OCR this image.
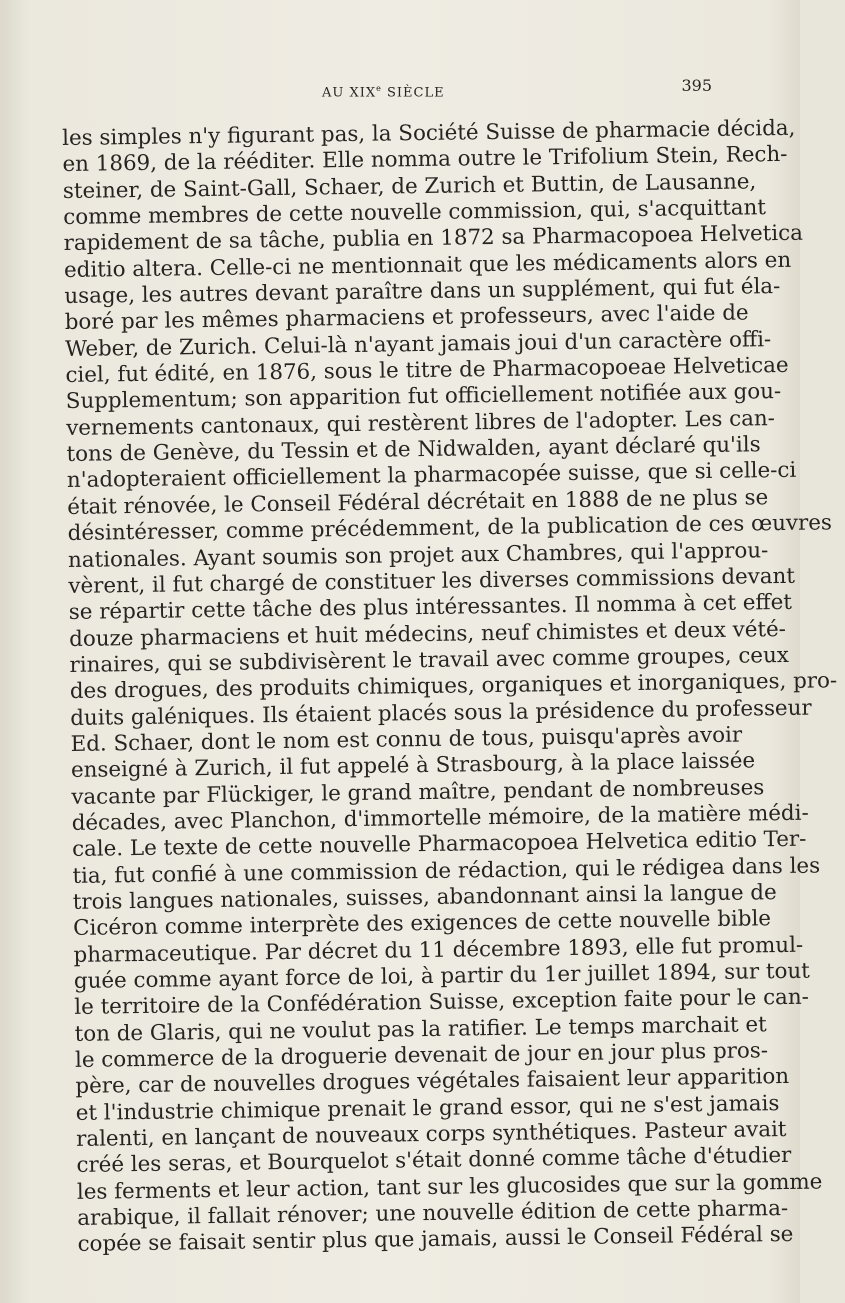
AU XIXe SIÈCLE	395
les simples n'y figurant pas, la Société Suisse de pharmacie décida,
en 1869, de la rééditer. Elle nomma outre le Trifolium Stein, Rech-
steiner, de Saint-Gall, Schaer, de Zurich et Buttin, de Lausanne,
comme membres de cette nouvelle commission, qui, s'acquittant
rapidement de sa tâche, publia en 1872 sa Pharmacopoea Helvetica
editio altera. Celle-ci ne mentionnait que les médicaments alors en
usage, les autres devant paraître dans un supplément, qui fut éla-
boré par les mêmes pharmaciens et professeurs, avec l'aide de
Weber, de Zurich. Celui-là n'ayant jamais joui d'un caractère offi-
ciel, fut édité, en 1876, sous le titre de Pharmacopoeae Helveticae
Supplementum; son apparition fut officiellement notifiée aux gou-
vernements cantonaux, qui restèrent libres de l'adopter. Les can-
tons de Genève, du Tessin et de Nidwalden, ayant déclaré qu'ils
n'adopteraient officiellement la pharmacopée suisse, que si celle-ci
était rénovée, le Conseil Fédéral décrétait en 1888 de ne plus se
désintéresser, comme précédemment, de la publication de ces œuvres
nationales. Ayant soumis son projet aux Chambres, qui l'approu-
vèrent, il fut chargé de constituer les diverses commissions devant
se répartir cette tâche des plus intéressantes. Il nomma à cet effet
douze pharmaciens et huit médecins, neuf chimistes et deux vété-
rinaires, qui se subdivisèrent le travail avec comme groupes, ceux
des drogues, des produits chimiques, organiques et inorganiques, pro-
duits galéniques. Ils étaient placés sous la présidence du professeur
Ed. Schaer, dont le nom est connu de tous, puisqu'après avoir
enseigné à Zurich, il fut appelé à Strasbourg, à la place laissée
vacante par Flückiger, le grand maître, pendant de nombreuses
décades, avec Planchon, d'immortelle mémoire, de la matière médi-
cale. Le texte de cette nouvelle Pharmacopoea Helvetica editio Ter-
tia, fut confié à une commission de rédaction, qui le rédigea dans les
trois langues nationales, suisses, abandonnant ainsi la langue de
Cicéron comme interprète des exigences de cette nouvelle bible
pharmaceutique. Par décret du 11 décembre 1893, elle fut promul-
guée comme ayant force de loi, à partir du 1er juillet 1894, sur tout
le territoire de la Confédération Suisse, exception faite pour le can-
ton de Glaris, qui ne voulut pas la ratifier. Le temps marchait et
le commerce de la droguerie devenait de jour en jour plus pros-
père, car de nouvelles drogues végétales faisaient leur apparition
et l'industrie chimique prenait le grand essor, qui ne s'est jamais
ralenti, en lançant de nouveaux corps synthétiques. Pasteur avait
créé les seras, et Bourquelot s'était donné comme tâche d'étudier
les ferments et leur action, tant sur les glucosides que sur la gomme
arabique, il fallait rénover; une nouvelle édition de cette pharma-
copée se faisait sentir plus que jamais, aussi le Conseil Fédéral se
